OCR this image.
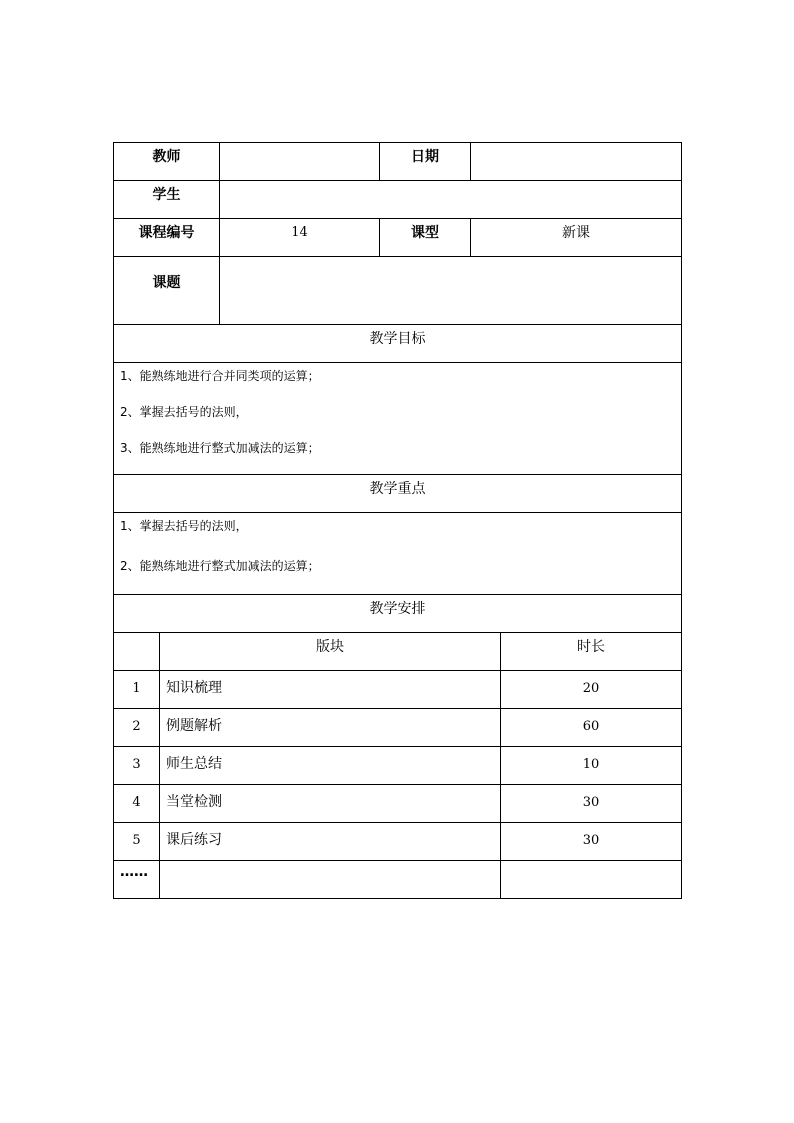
教师		日期	
学生			
课程编号	14	课型	新课
课题			
教学目标			

1、能熟练地进行合并同类项的运算；
2、掌握去括号的法则，
3、能熟练地进行整式加减法的运算；			

教学重点			

1、掌握去括号的法则，
2、能熟练地进行整式加减法的运算；			

教学安排			
	版块	时长
1	知识梳理	20
2	例题解析	60
3	师生总结	10
4	当堂检测	30
5	课后练习	30
……		
